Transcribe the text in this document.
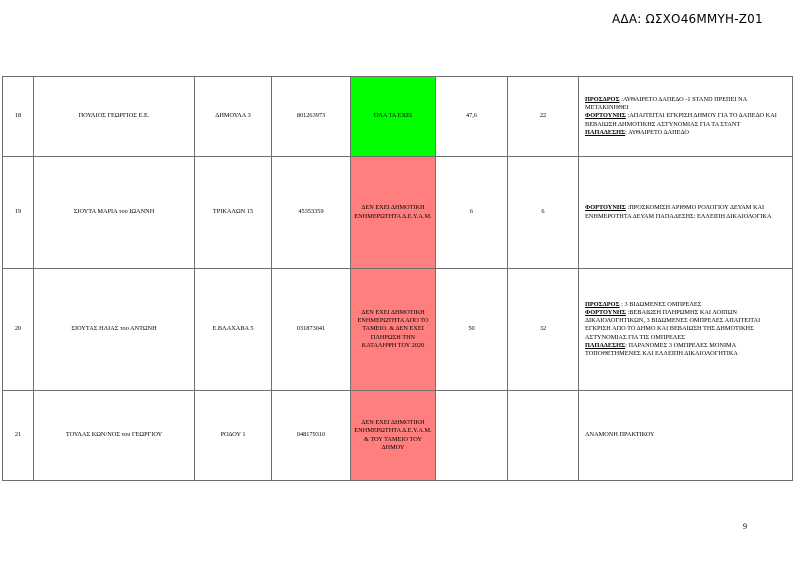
ΑΔΑ: ΩΣΧΟ46ΜΜΥΗ-Ζ01
18	ΠΟΥΛΙΟΣ ΓΕΩΡΓΙΟΣ Ε.Ε.	ΔΗΜΟΥΛΑ 3	801263973	ΌΛΑ ΤΑ ΕΧΕΙ	47,6	22	ΠΡΟΣΔΡΟΣ :ΑΥΘΑΙΡΕΤΟ ΔΑΠΕΔΟ -1 STAND ΠΡΕΠΕΙ ΝΑ ΜΕΤΑΚΙΝΗΘΕΙ

ΦΟΡΤΟΥΝΗΣ :ΑΠΑΙΤΕΙΤΑΙ ΕΓΚΡΙΣΗ ΔΗΜΟΥ ΓΙΑ ΤΟ ΔΑΠΕΔΟ ΚΑΙ ΒΕΒΑΙΩΣΗ ΔΗΜΟΤΙΚΗΣ ΑΣΤΥΝΟΜΙΑΣ ΓΙΑ ΤΑ ΣΤΑΝΤ

ΠΑΠΑΔΕΣΗΣ: ΑΥΘΑΙΡΕΤΟ ΔΑΠΕΔΟ

19	ΣΙΟΥΤΑ ΜΑΡΙΑ του ΙΩΑΝΝΗ	ΤΡΙΚΑΛΩΝ 15	45353359	ΔΕΝ ΕΧΕΙ ΔΗΜΟΤΙΚΗ ΕΝΗΜΕΡΩΤΗΤΑ Δ.Ε.Υ.Α.Μ.	6	6	ΦΟΡΤΟΥΝΗΣ :ΠΡΟΣΚΟΜΙΣΗ ΑΡΙΘΜΟ ΡΟΛΟΓΙΟΥ ΔΕΥΑΜ ΚΑΙ ΕΝΗΜΕΡΟΤΗΤΑ ΔΕΥΑΜ ΠΑΠΑΔΕΣΗΣ: ΕΛΛΕΙΠΗ ΔΙΚΑΙΟΛΟΓΙΚΑ

20	ΣΙΟΥΤΑΣ ΗΛΙΑΣ του ΑΝΤΩΝΗ	Ε.ΒΛΑΧΑΒΑ 5	031873041	ΔΕΝ ΕΧΕΙ ΔΗΜΟΤΙΚΗ ΕΝΗΜΕΡΩΤΗΤΑ ΑΠΟ ΤΟ ΤΑΜΕΙΟ. & ΔΕΝ ΕΧΕΙ ΠΛΗΡΩΣΗ ΤΗΝ ΚΑΤΑΛΗΨΗ ΤΟΥ 2020	50	32	ΠΡΟΣΔΡΟΣ : 3 ΒΙΔΩΜΕΝΕΣ ΟΜΠΡΕΛΕΣ

ΦΟΡΤΟΥΝΗΣ :ΒΕΒΑΙΩΣΗ ΠΛΗΡΩΜΗΣ ΚΑΙ ΛΟΙΠΩΝ ΔΙΚΑΙΟΛΟΓΗΤΙΚΩΝ, 3 ΒΙΔΩΜΕΝΕΣ ΟΜΠΡΕΛΕΣ ΑΠΑΙΤΕΙΤΑΙ ΕΓΚΡΙΣΗ ΑΠΟ ΤΟ ΔΗΜΟ ΚΑΙ ΒΕΒΑΙΩΣΗ ΤΗΣ ΔΗΜΟΤΙΚΗΣ ΑΣΤΥΝΟΜΙΑΣ ΓΙΑ ΤΙΣ ΟΜΠΡΕΛΕΣ

ΠΑΠΑΔΕΣΗΣ: ΠΑΡΑΝΟΜΕΣ 3 ΟΜΠΡΕΛΕΣ ΜΟΝΙΜΑ ΤΟΠΟΘΕΤΗΜΕΝΕΣ ΚΑΙ ΕΛΛΕΙΠΗ ΔΙΚΑΙΟΛΟΓΗΤΙΚΑ

21	ΤΟΥΛΑΣ ΚΩΝ/ΝΟΣ του ΓΕΩΡΓΙΟΥ	ΡΟΔΟΥ 1	048179310	ΔΕΝ ΕΧΕΙ ΔΗΜΟΤΙΚΗ ΕΝΗΜΕΡΩΤΗΤΑ Δ.Ε.Υ.Α.Μ. & ΤΟΥ ΤΑΜΕΙΟ ΤΟΥ ΔΗΜΟΥ			ΑΝΑΜΟΝΗ ΠΡΑΚΤΙΚΟΥ

9
